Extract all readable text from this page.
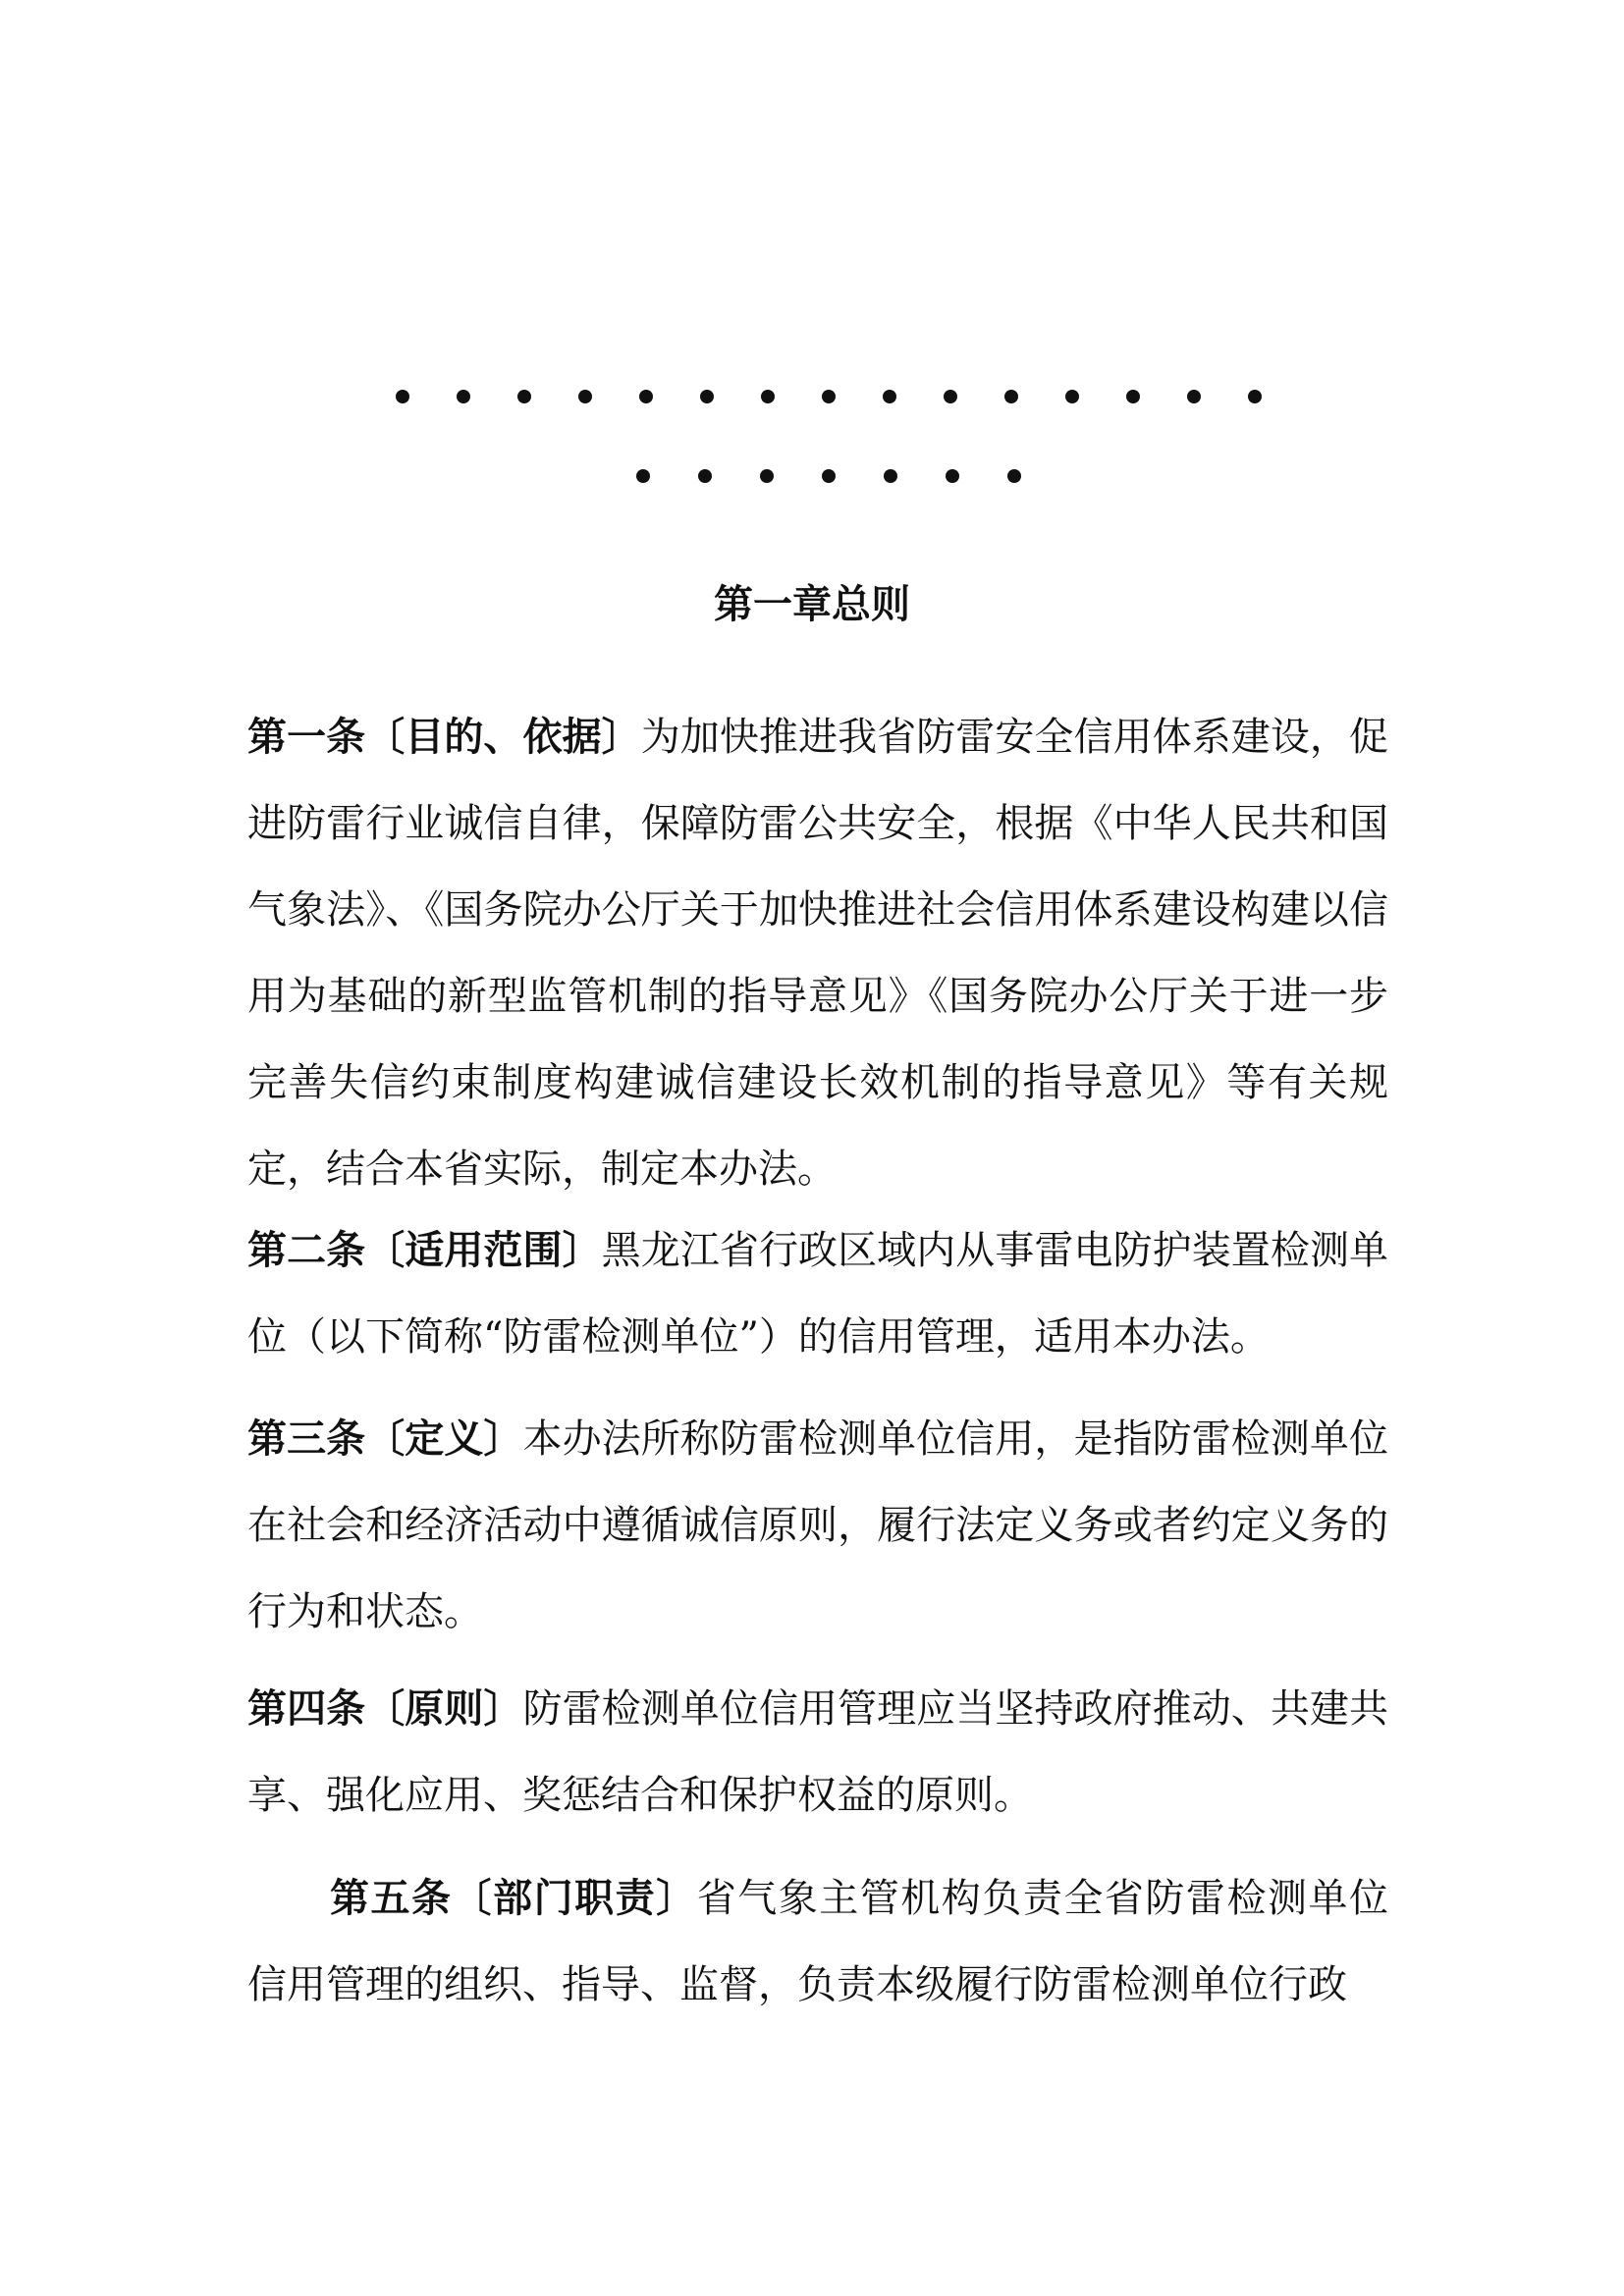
第一章总则

第一条〔目的、依据〕为加快推进我省防雷安全信用体系建设，促进防雷行业诚信自律，保障防雷公共安全，根据《中华人民共和国气象法》、《国务院办公厅关于加快推进社会信用体系建设构建以信用为基础的新型监管机制的指导意见》《国务院办公厅关于进一步完善失信约束制度构建诚信建设长效机制的指导意见》等有关规定，结合本省实际，制定本办法。

第二条〔适用范围〕黑龙江省行政区域内从事雷电防护装置检测单位（以下简称“防雷检测单位”）的信用管理，适用本办法。

第三条〔定义〕本办法所称防雷检测单位信用，是指防雷检测单位在社会和经济活动中遵循诚信原则，履行法定义务或者约定义务的行为和状态。

第四条〔原则〕防雷检测单位信用管理应当坚持政府推动、共建共享、强化应用、奖惩结合和保护权益的原则。

第五条〔部门职责〕省气象主管机构负责全省防雷检测单位信用管理的组织、指导、监督，负责本级履行防雷检测单位行政
